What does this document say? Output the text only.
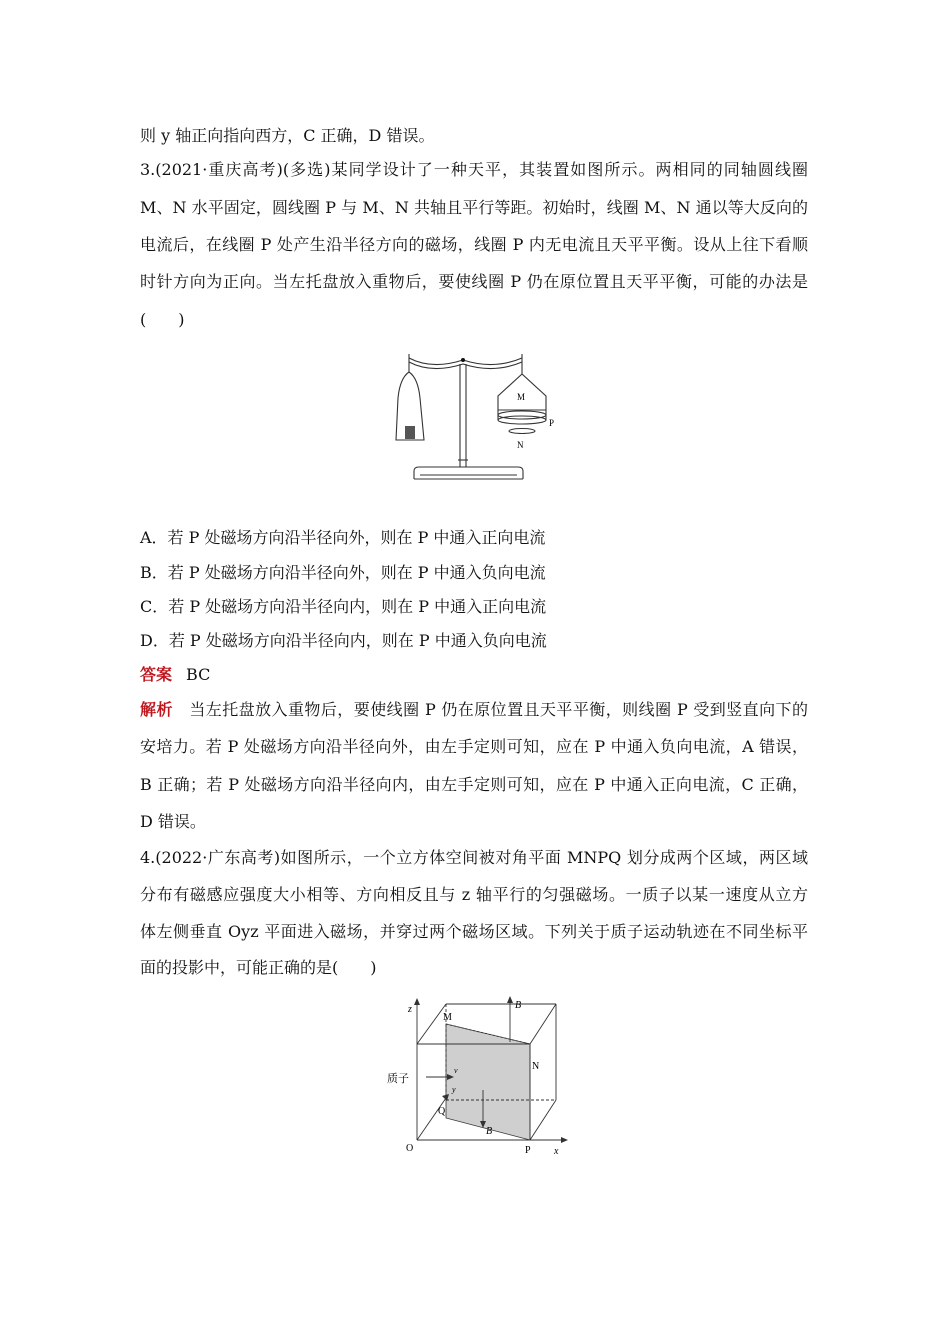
则 y 轴正向指向西方，C 正确，D 错误。
3.(2021·重庆高考)(多选)某同学设计了一种天平，其装置如图所示。两相同的同轴圆线圈
M、N 水平固定，圆线圈 P 与 M、N 共轴且平行等距。初始时，线圈 M、N 通以等大反向的
电流后，在线圈 P 处产生沿半径方向的磁场，线圈 P 内无电流且天平平衡。设从上往下看顺
时针方向为正向。当左托盘放入重物后，要使线圈 P 仍在原位置且天平平衡，可能的办法是
(　　)
M
P
N
A．若 P 处磁场方向沿半径向外，则在 P 中通入正向电流
B．若 P 处磁场方向沿半径向外，则在 P 中通入负向电流
C．若 P 处磁场方向沿半径向内，则在 P 中通入正向电流
D．若 P 处磁场方向沿半径向内，则在 P 中通入负向电流
答案 BC
解析　 当左托盘放入重物后，要使线圈 P 仍在原位置且天平平衡，则线圈 P 受到竖直向下的
安培力。若 P 处磁场方向沿半径向外，由左手定则可知，应在 P 中通入负向电流，A 错误，
B 正确；若 P 处磁场方向沿半径向内，由左手定则可知，应在 P 中通入正向电流，C 正确，
D 错误。
4.(2022·广东高考)如图所示，一个立方体空间被对角平面 MNPQ 划分成两个区域，两区域
分布有磁感应强度大小相等、方向相反且与 z 轴平行的匀强磁场。一质子以某一速度从立方
体左侧垂直 Oyz 平面进入磁场，并穿过两个磁场区域。下列关于质子运动轨迹在不同坐标平
面的投影中，可能正确的是(　　)
z
M
B
N
质子
v
y
Q
B
O	P x
